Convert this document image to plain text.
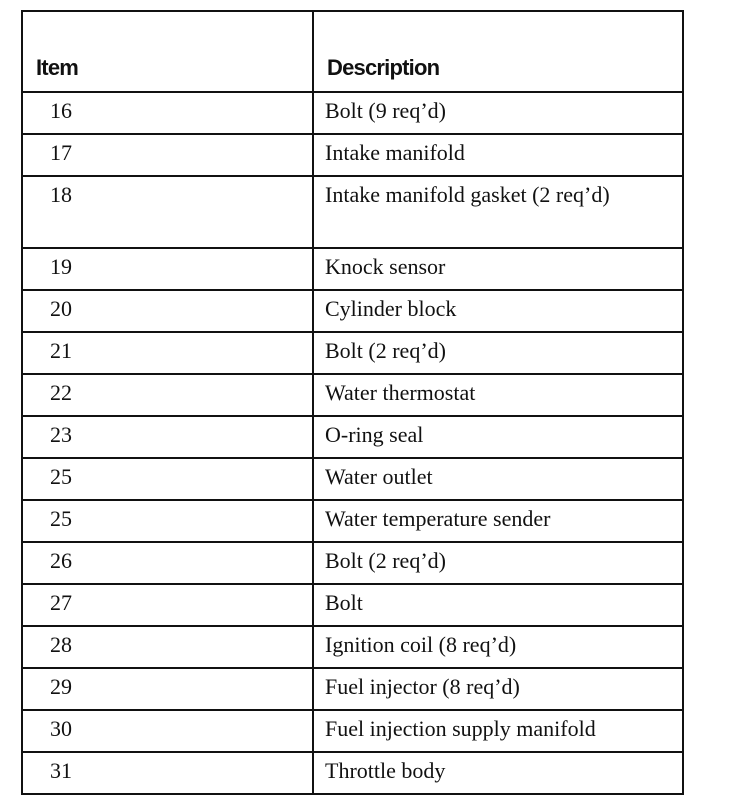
Item	Description
16	Bolt (9 req’d)
17	Intake manifold
18	Intake manifold gasket (2 req’d)
19	Knock sensor
20	Cylinder block
21	Bolt (2 req’d)
22	Water thermostat
23	O-ring seal
25	Water outlet
25	Water temperature sender
26	Bolt (2 req’d)
27	Bolt
28	Ignition coil (8 req’d)
29	Fuel injector (8 req’d)
30	Fuel injection supply manifold
31	Throttle body
